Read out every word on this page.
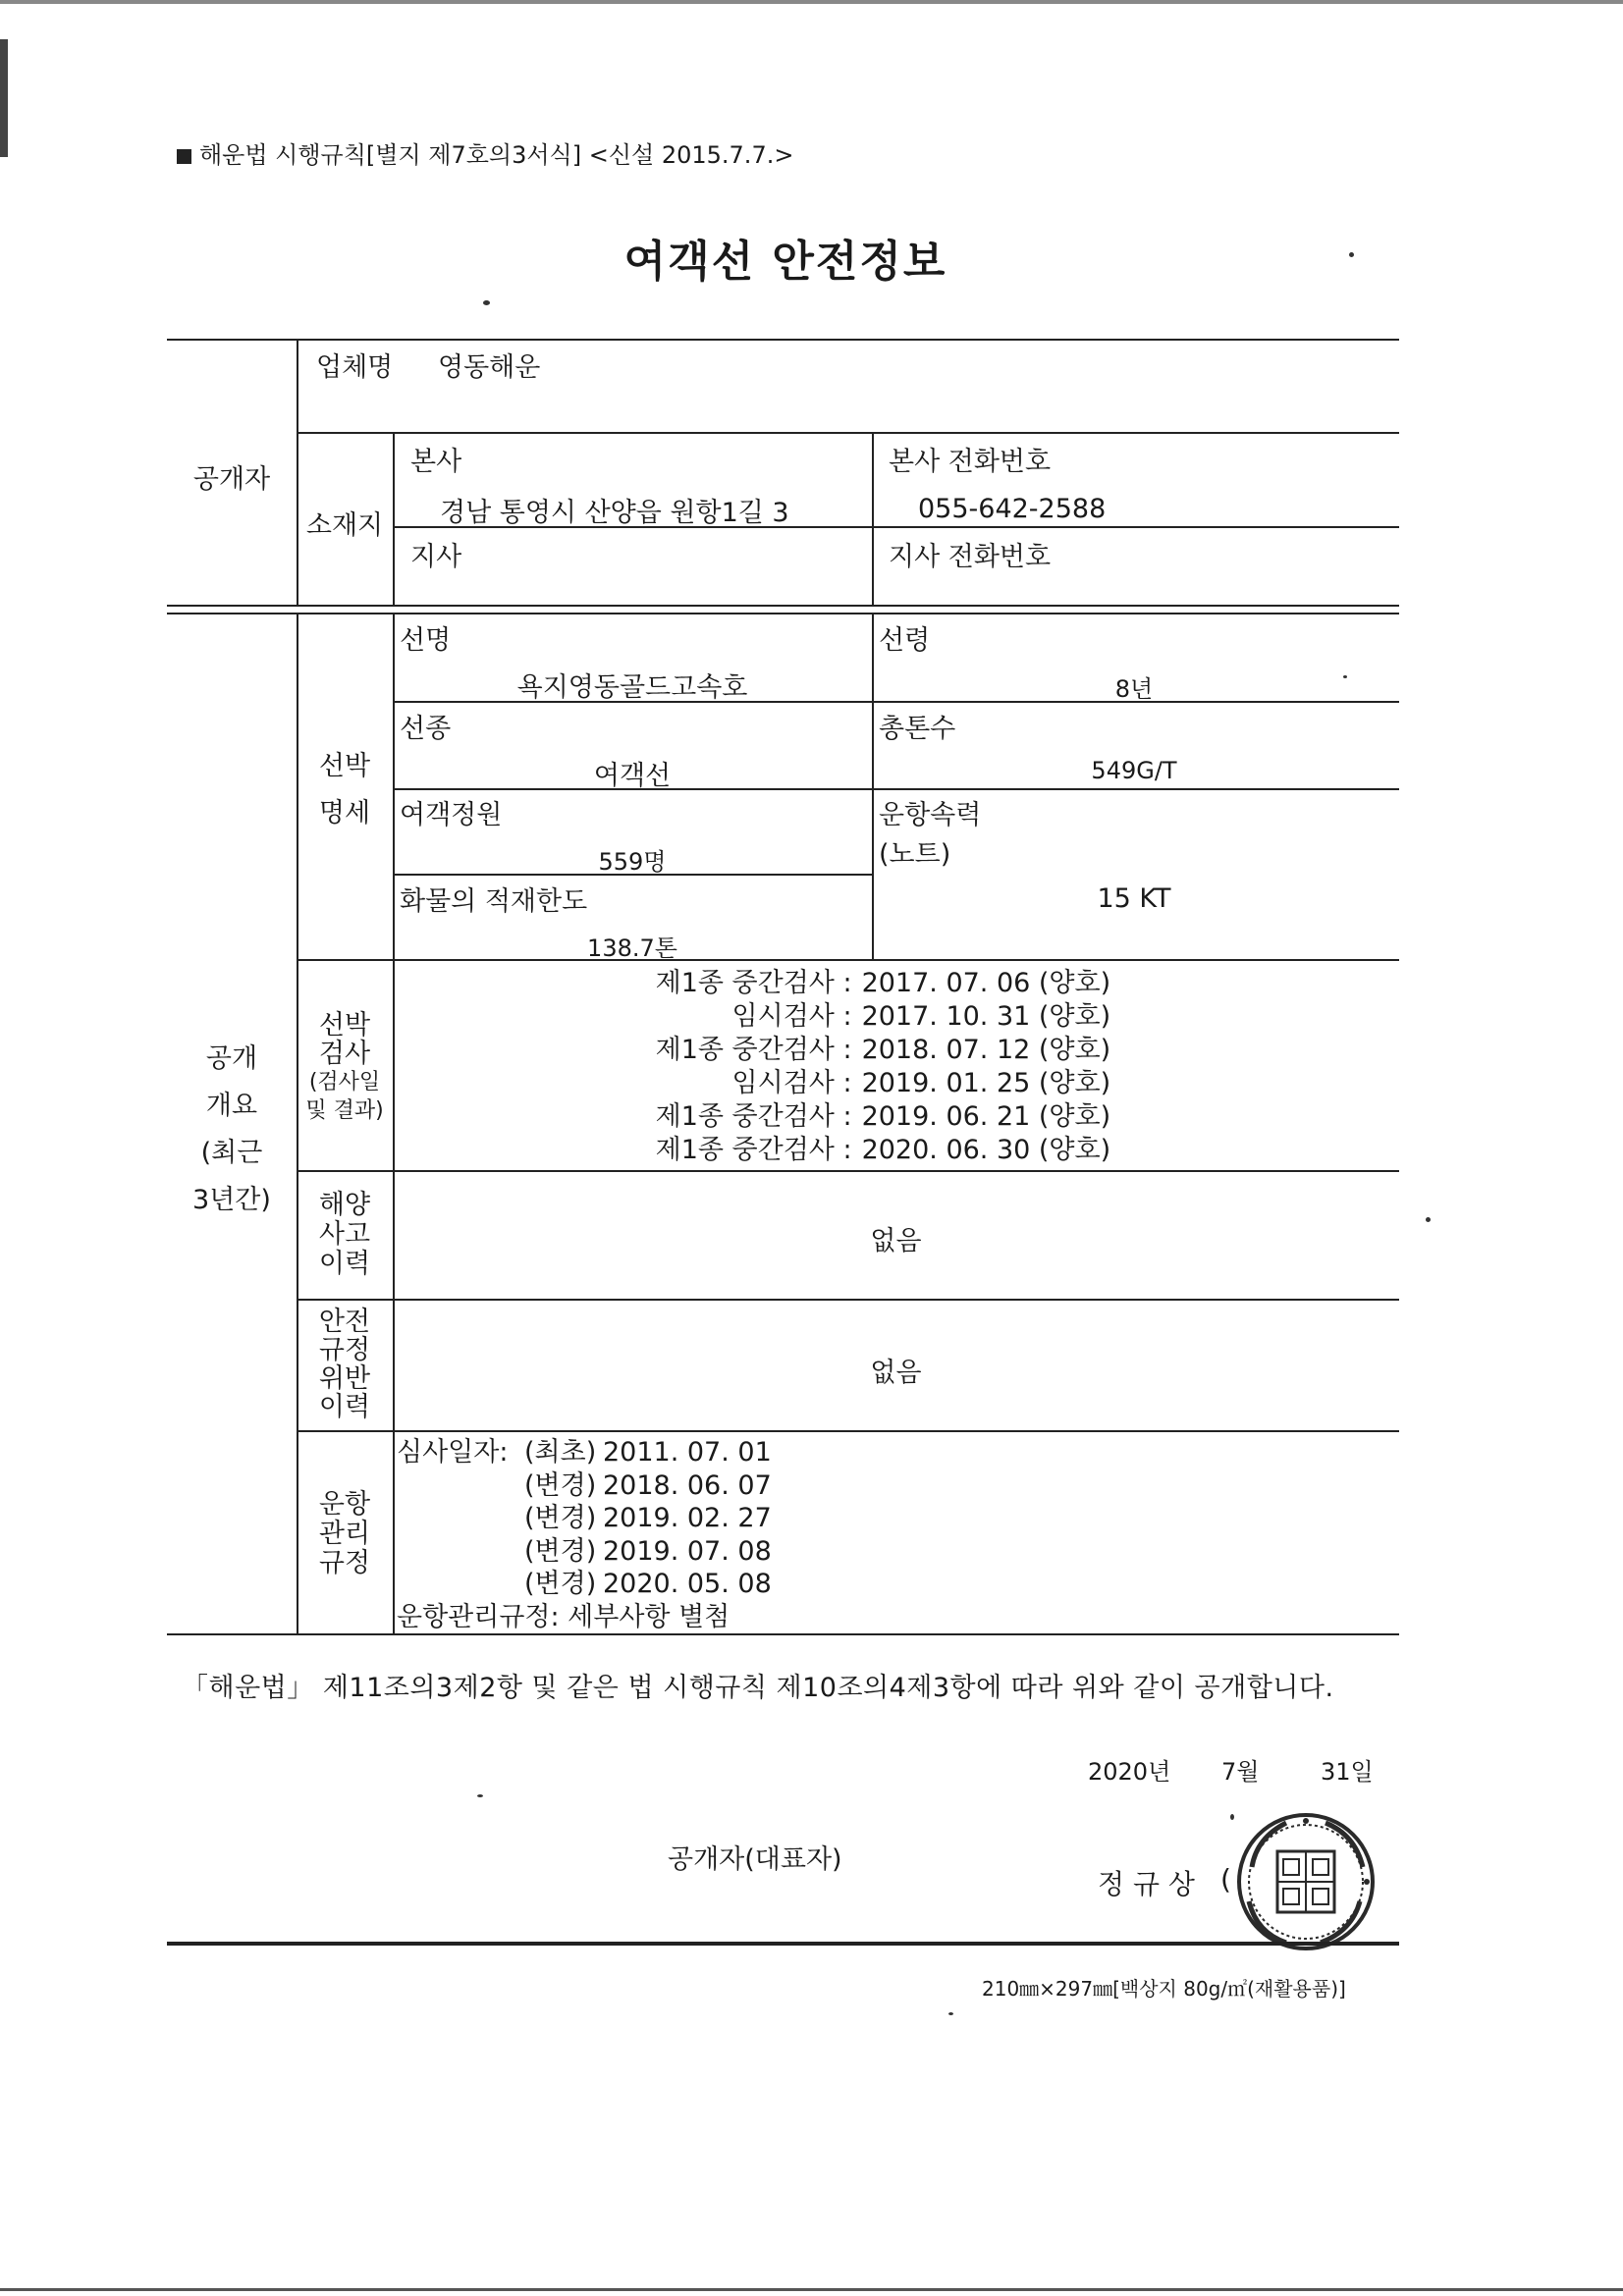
해운법 시행규칙[별지 제7호의3서식] <신설 2015.7.7.>
여객선 안전정보
공개자
업체명 영동해운
소재지
본사
경남 통영시 산양읍 원항1길 3
본사 전화번호
055-642-2588
지사	지사 전화번호
공개
개요
(최근
3년간)
선박
명세
선명
욕지영동골드고속호
선령
8년
선종
여객선
총톤수
549G/T
여객정원
559명
운항속력
(노트)
15 KT
화물의 적재한도
138.7톤
선박
검사
(검사일
및 결과)
제1종 중간검사 : 2017. 07. 06 (양호)
임시검사 : 2017. 10. 31 (양호)
제1종 중간검사 : 2018. 07. 12 (양호)
임시검사 : 2019. 01. 25 (양호)
제1종 중간검사 : 2019. 06. 21 (양호)
제1종 중간검사 : 2020. 06. 30 (양호)
해양
사고
이력
없음
안전
규정
위반
이력
없음
운항
관리
규정
심사일자: (최초) 2011. 07. 01
(변경) 2018. 06. 07
(변경) 2019. 02. 27
(변경) 2019. 07. 08
(변경) 2020. 05. 08
운항관리규정: 세부사항 별첨
「해운법」 제11조의3제2항 및 같은 법 시행규칙 제10조의4제3항에 따라 위와 같이 공개합니다.
2020년 7월	31일
공개자(대표자)
정 규 상 (
210㎜×297㎜[백상지 80g/㎡(재활용품)]
